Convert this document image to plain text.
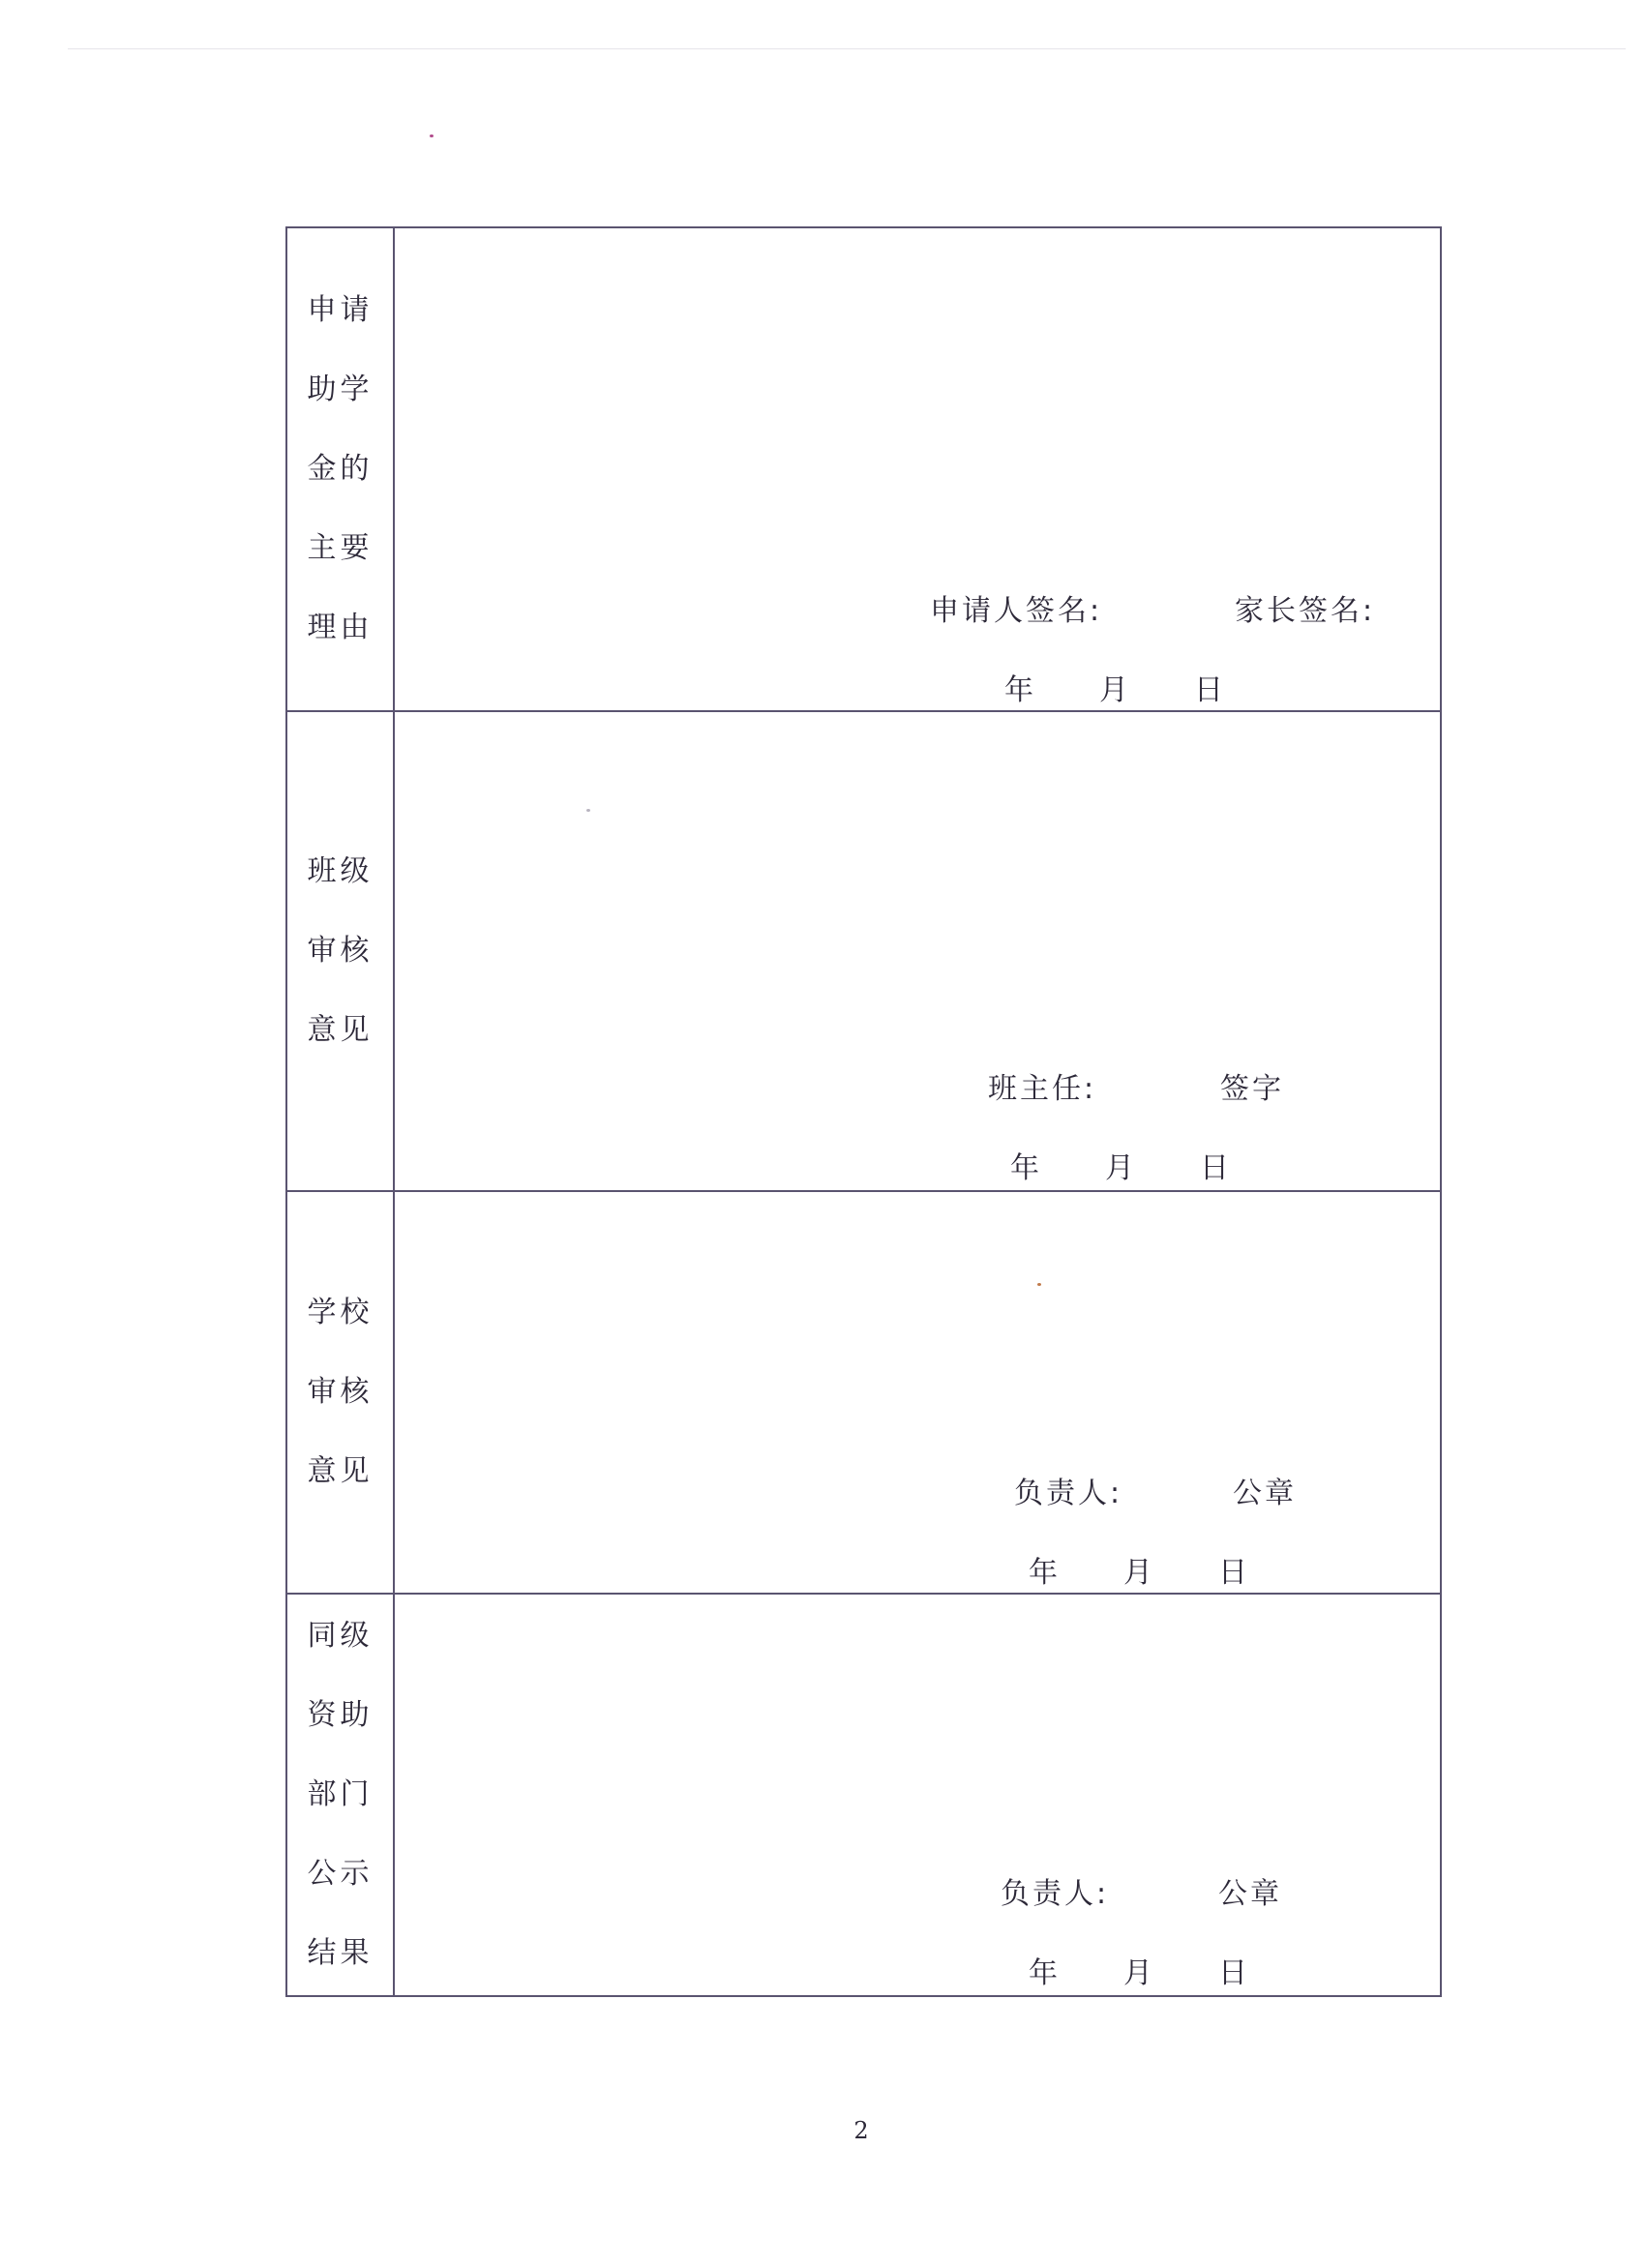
申请
助学
金的
主要
理由	申请人签名:	家长签名:
年 月 日
班级
审核
意见
班主任:	签字
年 月 日
学校
审核
意见
负责人:	公章
年 月 日
同级
资助
部门
公示
结果
负责人:	公章
年 月 日
2
